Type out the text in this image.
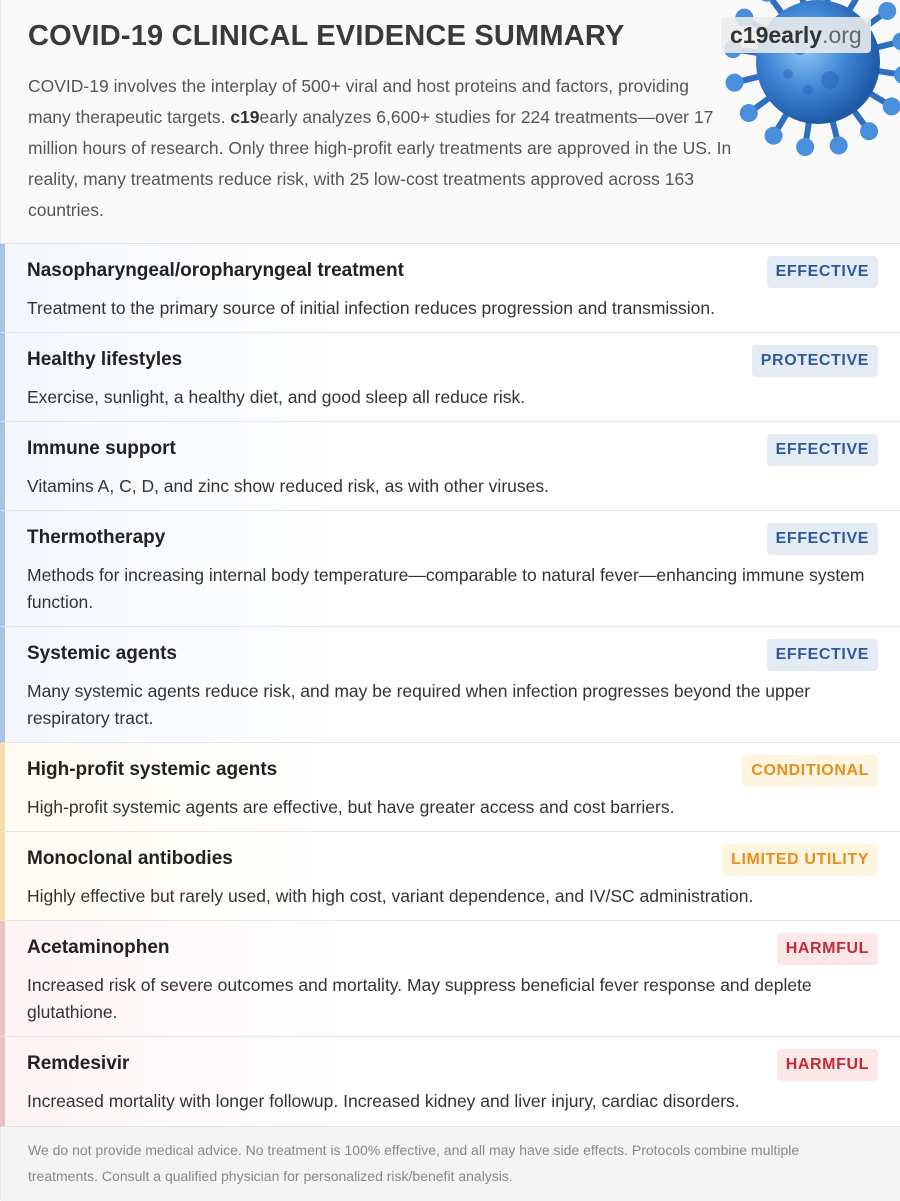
c19early.org
COVID-19 CLINICAL EVIDENCE SUMMARY

COVID-19 involves the interplay of 500+ viral and host proteins and factors, providing many therapeutic targets. c19early analyzes 6,600+ studies for 224 treatments—over 17 million hours of research. Only three high-profit early treatments are approved in the US. In reality, many treatments reduce risk, with 25 low-cost treatments approved across 163 countries.

Nasopharyngeal/oropharyngeal treatment	EFFECTIVE

Treatment to the primary source of initial infection reduces progression and transmission.

Healthy lifestyles	PROTECTIVE

Exercise, sunlight, a healthy diet, and good sleep all reduce risk.

Immune support	EFFECTIVE

Vitamins A, C, D, and zinc show reduced risk, as with other viruses.

Thermotherapy	EFFECTIVE

Methods for increasing internal body temperature—comparable to natural fever—enhancing immune system function.

Systemic agents	EFFECTIVE

Many systemic agents reduce risk, and may be required when infection progresses beyond the upper respiratory tract.

High-profit systemic agents	CONDITIONAL

High-profit systemic agents are effective, but have greater access and cost barriers.

Monoclonal antibodies	LIMITED UTILITY

Highly effective but rarely used, with high cost, variant dependence, and IV/SC administration.

Acetaminophen	HARMFUL

Increased risk of severe outcomes and mortality. May suppress beneficial fever response and deplete glutathione.

Remdesivir	HARMFUL

Increased mortality with longer followup. Increased kidney and liver injury, cardiac disorders.

We do not provide medical advice. No treatment is 100% effective, and all may have side effects. Protocols combine multiple treatments. Consult a qualified physician for personalized risk/benefit analysis.
